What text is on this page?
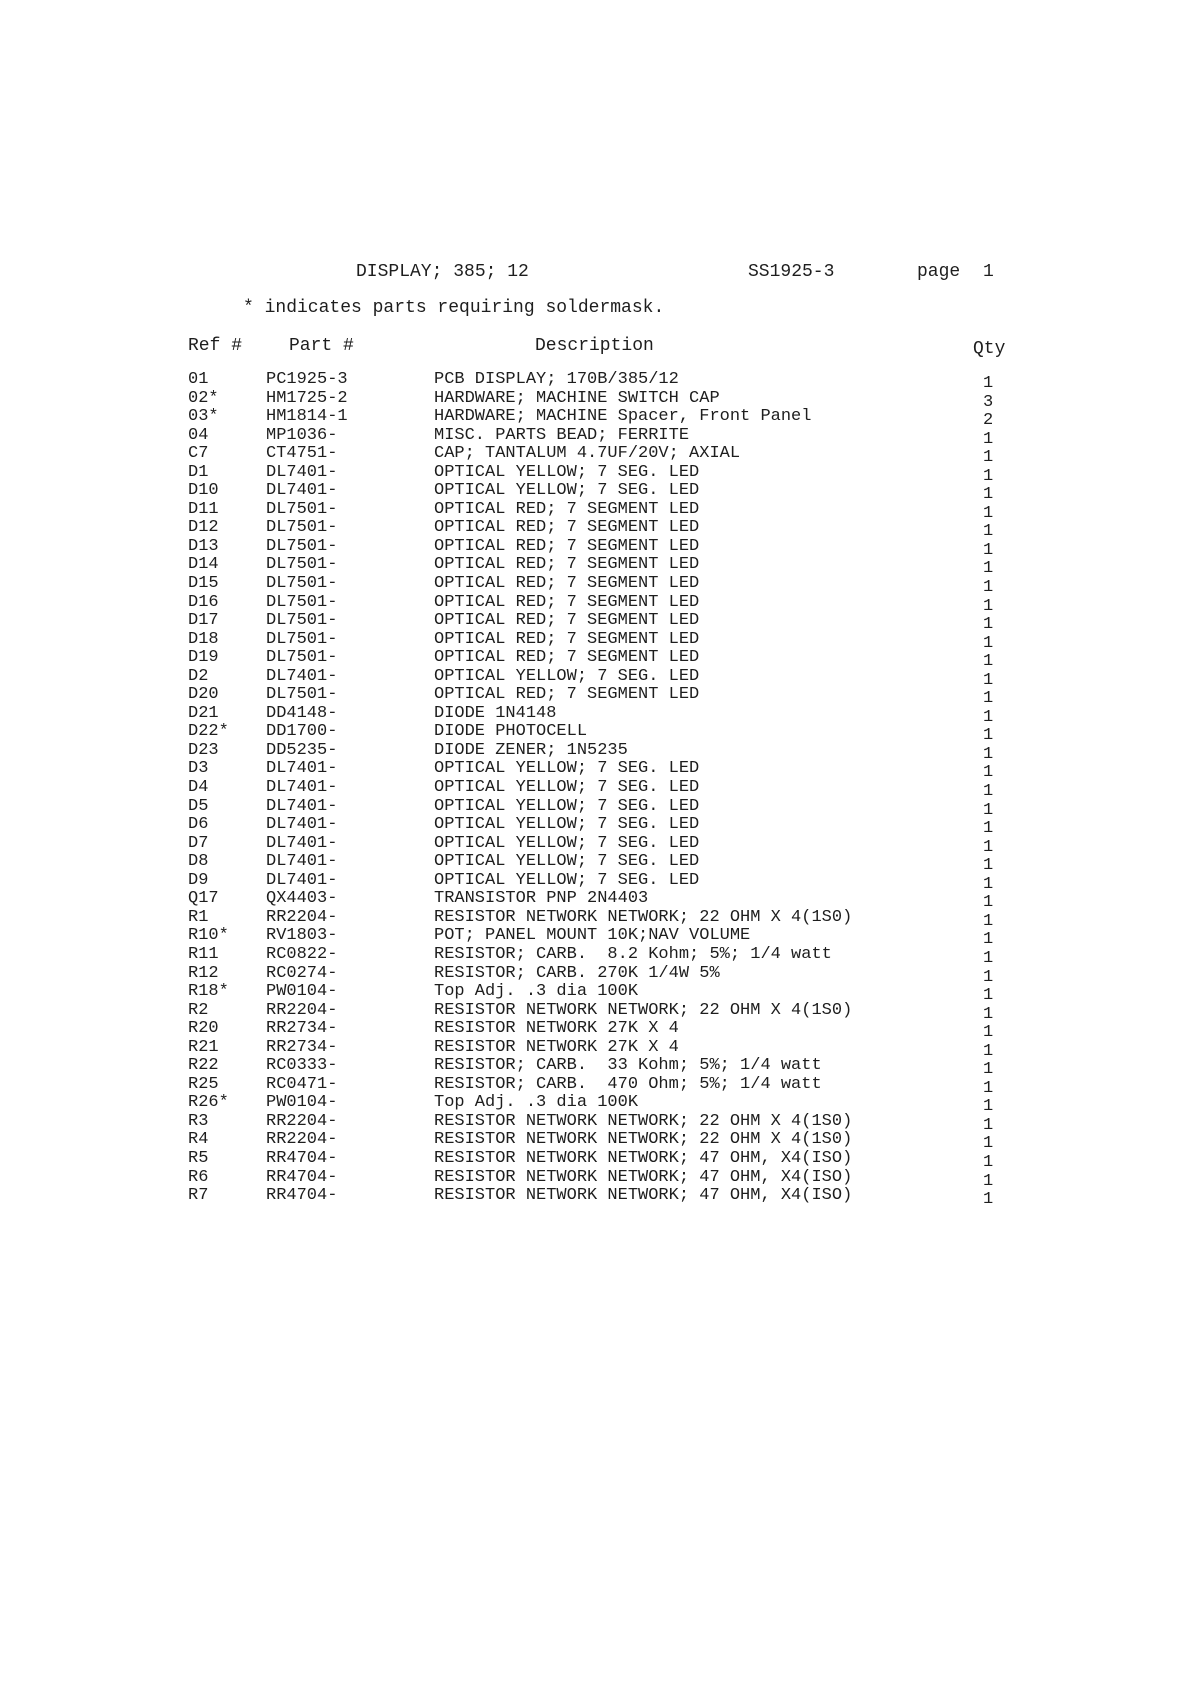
DISPLAY; 385; 12	SS1925-3	page 1
* indicates parts requiring soldermask.
Ref #	Part #	Description	Qty
01	PC1925-3	PCB DISPLAY; 170B/385/12	1
02*	HM1725-2	HARDWARE; MACHINE SWITCH CAP	3
03*	HM1814-1	HARDWARE; MACHINE Spacer, Front Panel	2
04	MP1036-	MISC. PARTS BEAD; FERRITE	1
C7	CT4751-	CAP; TANTALUM 4.7UF/20V; AXIAL	1
D1	DL7401-	OPTICAL YELLOW; 7 SEG. LED	1
D10	DL7401-	OPTICAL YELLOW; 7 SEG. LED	1
D11	DL7501-	OPTICAL RED; 7 SEGMENT LED	1
D12	DL7501-	OPTICAL RED; 7 SEGMENT LED	1
D13	DL7501-	OPTICAL RED; 7 SEGMENT LED	1
D14	DL7501-	OPTICAL RED; 7 SEGMENT LED	1
D15	DL7501-	OPTICAL RED; 7 SEGMENT LED	1
D16	DL7501-	OPTICAL RED; 7 SEGMENT LED	1
D17	DL7501-	OPTICAL RED; 7 SEGMENT LED	1
D18	DL7501-	OPTICAL RED; 7 SEGMENT LED	1
D19	DL7501-	OPTICAL RED; 7 SEGMENT LED	1
D2	DL7401-	OPTICAL YELLOW; 7 SEG. LED	1
D20	DL7501-	OPTICAL RED; 7 SEGMENT LED	1
D21	DD4148-	DIODE 1N4148	1
D22* DD1700-	DIODE PHOTOCELL	1
D23	DD5235-	DIODE ZENER; 1N5235	1
D3	DL7401-	OPTICAL YELLOW; 7 SEG. LED	1
D4	DL7401-	OPTICAL YELLOW; 7 SEG. LED	1
D5	DL7401-	OPTICAL YELLOW; 7 SEG. LED	1
D6	DL7401-	OPTICAL YELLOW; 7 SEG. LED	1
D7	DL7401-	OPTICAL YELLOW; 7 SEG. LED	1
D8	DL7401-	OPTICAL YELLOW; 7 SEG. LED	1
D9	DL7401-	OPTICAL YELLOW; 7 SEG. LED	1
Q17	QX4403-	TRANSISTOR PNP 2N4403	1
R1	RR2204-	RESISTOR NETWORK NETWORK; 22 OHM X 4(1S0)	1
R10* RV1803-	POT; PANEL MOUNT 10K;NAV VOLUME	1
R11	RC0822-	RESISTOR; CARB.  8.2 Kohm; 5%; 1/4 watt	1
R12	RC0274-	RESISTOR; CARB. 270K 1/4W 5%	1
R18* PW0104-	Top Adj. .3 dia 100K	1
R2	RR2204-	RESISTOR NETWORK NETWORK; 22 OHM X 4(1S0)	1
R20	RR2734-	RESISTOR NETWORK 27K X 4	1
R21	RR2734-	RESISTOR NETWORK 27K X 4	1
R22	RC0333-	RESISTOR; CARB.  33 Kohm; 5%; 1/4 watt	1
R25	RC0471-	RESISTOR; CARB.  470 Ohm; 5%; 1/4 watt	1
R26* PW0104-	Top Adj. .3 dia 100K	1
R3	RR2204-	RESISTOR NETWORK NETWORK; 22 OHM X 4(1S0)	1
R4	RR2204-	RESISTOR NETWORK NETWORK; 22 OHM X 4(1S0)	1
R5	RR4704-	RESISTOR NETWORK NETWORK; 47 OHM, X4(ISO)	1
R6	RR4704-	RESISTOR NETWORK NETWORK; 47 OHM, X4(ISO)	1
R7	RR4704-	RESISTOR NETWORK NETWORK; 47 OHM, X4(ISO)	1
